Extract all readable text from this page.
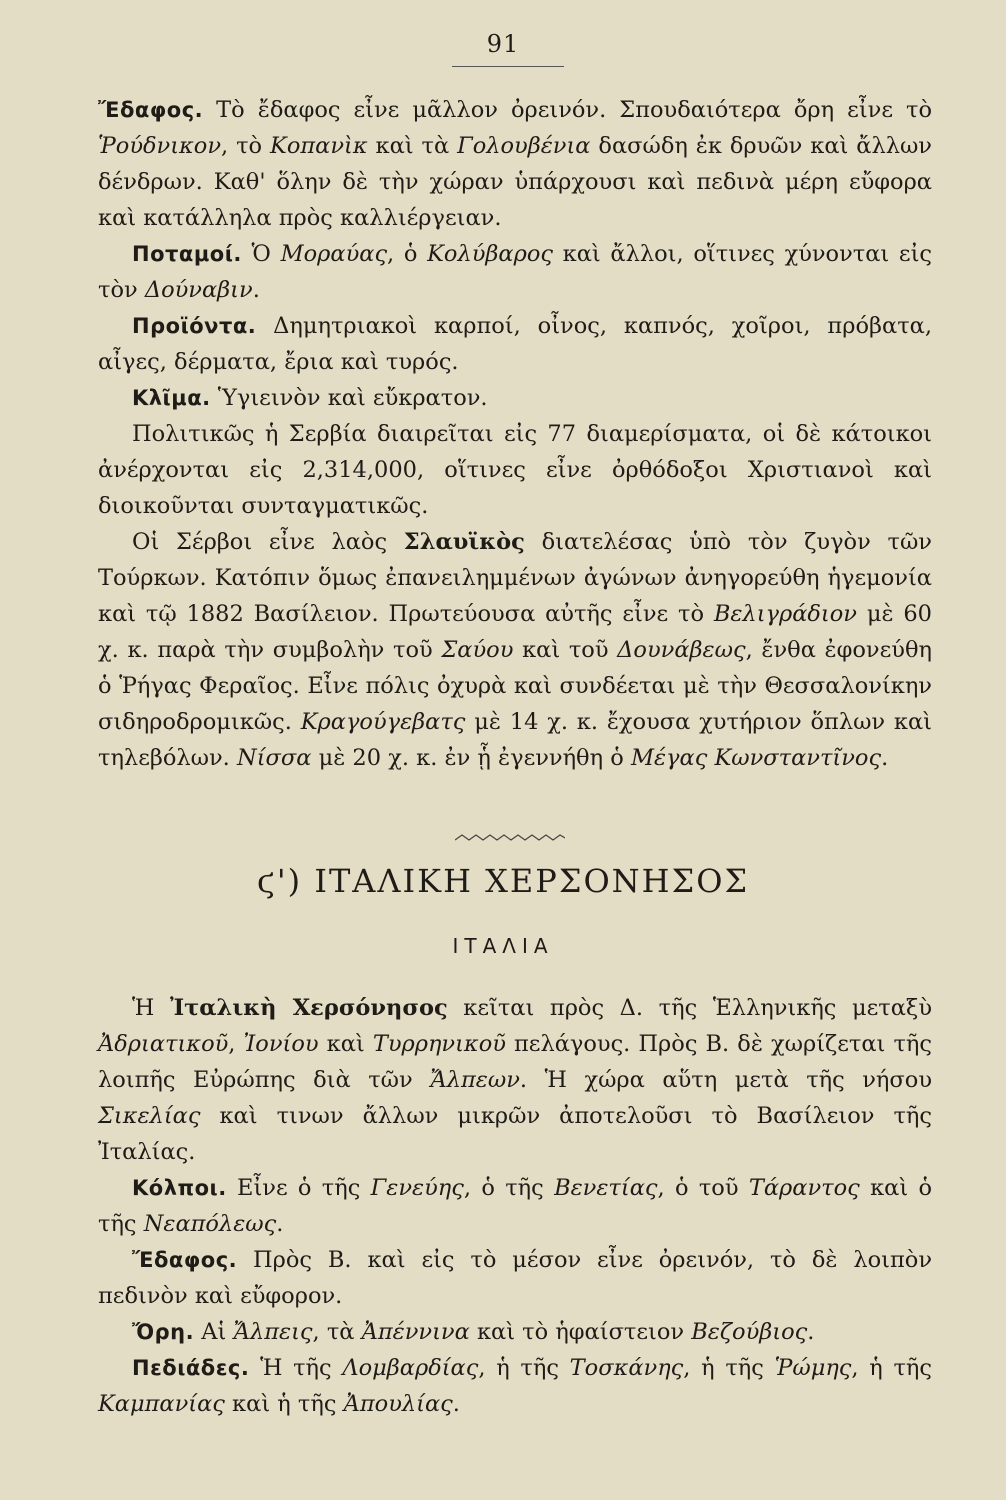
91

Ἔδαφος. Τὸ ἔδαφος εἶνε μᾶλλον ὀρεινόν. Σπουδαιότερα ὄρη εἶνε τὸ Ῥούδνικον, τὸ Κοπανὶκ καὶ τὰ Γολουβένια δασώδη ἐκ δρυῶν καὶ ἄλλων δένδρων. Καθ' ὅλην δὲ τὴν χώραν ὑπάρχουσι καὶ πεδινὰ μέρη εὔφορα καὶ κατάλληλα πρὸς καλλιέργειαν.

Ποταμοί. Ὁ Μοραύας, ὁ Κολύβαρος καὶ ἄλλοι, οἵτινες χύνονται εἰς τὸν Δούναβιν.

Προϊόντα. Δημητριακοὶ καρποί, οἶνος, καπνός, χοῖροι, πρόβατα, αἶγες, δέρματα, ἔρια καὶ τυρός.

Κλῖμα. Ὑγιεινὸν καὶ εὔκρατον.

Πολιτικῶς ἡ Σερβία διαιρεῖται εἰς 77 διαμερίσματα, οἱ δὲ κάτοικοι ἀνέρχονται εἰς 2,314,000, οἵτινες εἶνε ὀρθόδοξοι Χριστιανοὶ καὶ διοικοῦνται συνταγματικῶς.

Οἱ Σέρβοι εἶνε λαὸς Σλαυϊκὸς διατελέσας ὑπὸ τὸν ζυγὸν τῶν Τούρκων. Κατόπιν ὅμως ἐπανειλημμένων ἀγώνων ἀνηγορεύθη ἡγεμονία καὶ τῷ 1882 Βασίλειον. Πρωτεύουσα αὐτῆς εἶνε τὸ Βελιγράδιον μὲ 60 χ. κ. παρὰ τὴν συμβολὴν τοῦ Σαύου καὶ τοῦ Δουνάβεως, ἔνθα ἐφονεύθη ὁ Ῥήγας Φεραῖος. Εἶνε πόλις ὀχυρὰ καὶ συνδέεται μὲ τὴν Θεσσαλονίκην σιδηροδρομικῶς. Κραγούγεβατς μὲ 14 χ. κ. ἔχουσα χυτήριον ὅπλων καὶ τηλεβόλων. Νίσσα μὲ 20 χ. κ. ἐν ᾗ ἐγεννήθη ὁ Μέγας Κωνσταντῖνος.

ϛ') ΙΤΑΛΙΚΗ ΧΕΡΣΟΝΗΣΟΣ
ΙΤΑΛΙΑ

Ἡ Ἰταλικὴ Χερσόνησος κεῖται πρὸς Δ. τῆς Ἑλληνικῆς μεταξὺ Ἀδριατικοῦ, Ἰονίου καὶ Τυρρηνικοῦ πελάγους. Πρὸς Β. δὲ χωρίζεται τῆς λοιπῆς Εὐρώπης διὰ τῶν Ἄλπεων. Ἡ χώρα αὕτη μετὰ τῆς νήσου Σικελίας καὶ τινων ἄλλων μικρῶν ἀποτελοῦσι τὸ Βασίλειον τῆς Ἰταλίας.

Κόλποι. Εἶνε ὁ τῆς Γενεύης, ὁ τῆς Βενετίας, ὁ τοῦ Τάραντος καὶ ὁ τῆς Νεαπόλεως.

Ἔδαφος. Πρὸς Β. καὶ εἰς τὸ μέσον εἶνε ὀρεινόν, τὸ δὲ λοιπὸν πεδινὸν καὶ εὔφορον.

Ὄρη. Αἱ Ἄλπεις, τὰ Ἀπέννινα καὶ τὸ ἡφαίστειον Βεζούβιος.

Πεδιάδες. Ἡ τῆς Λομβαρδίας, ἡ τῆς Τοσκάνης, ἡ τῆς Ῥώμης, ἡ τῆς Καμπανίας καὶ ἡ τῆς Ἀπουλίας.
